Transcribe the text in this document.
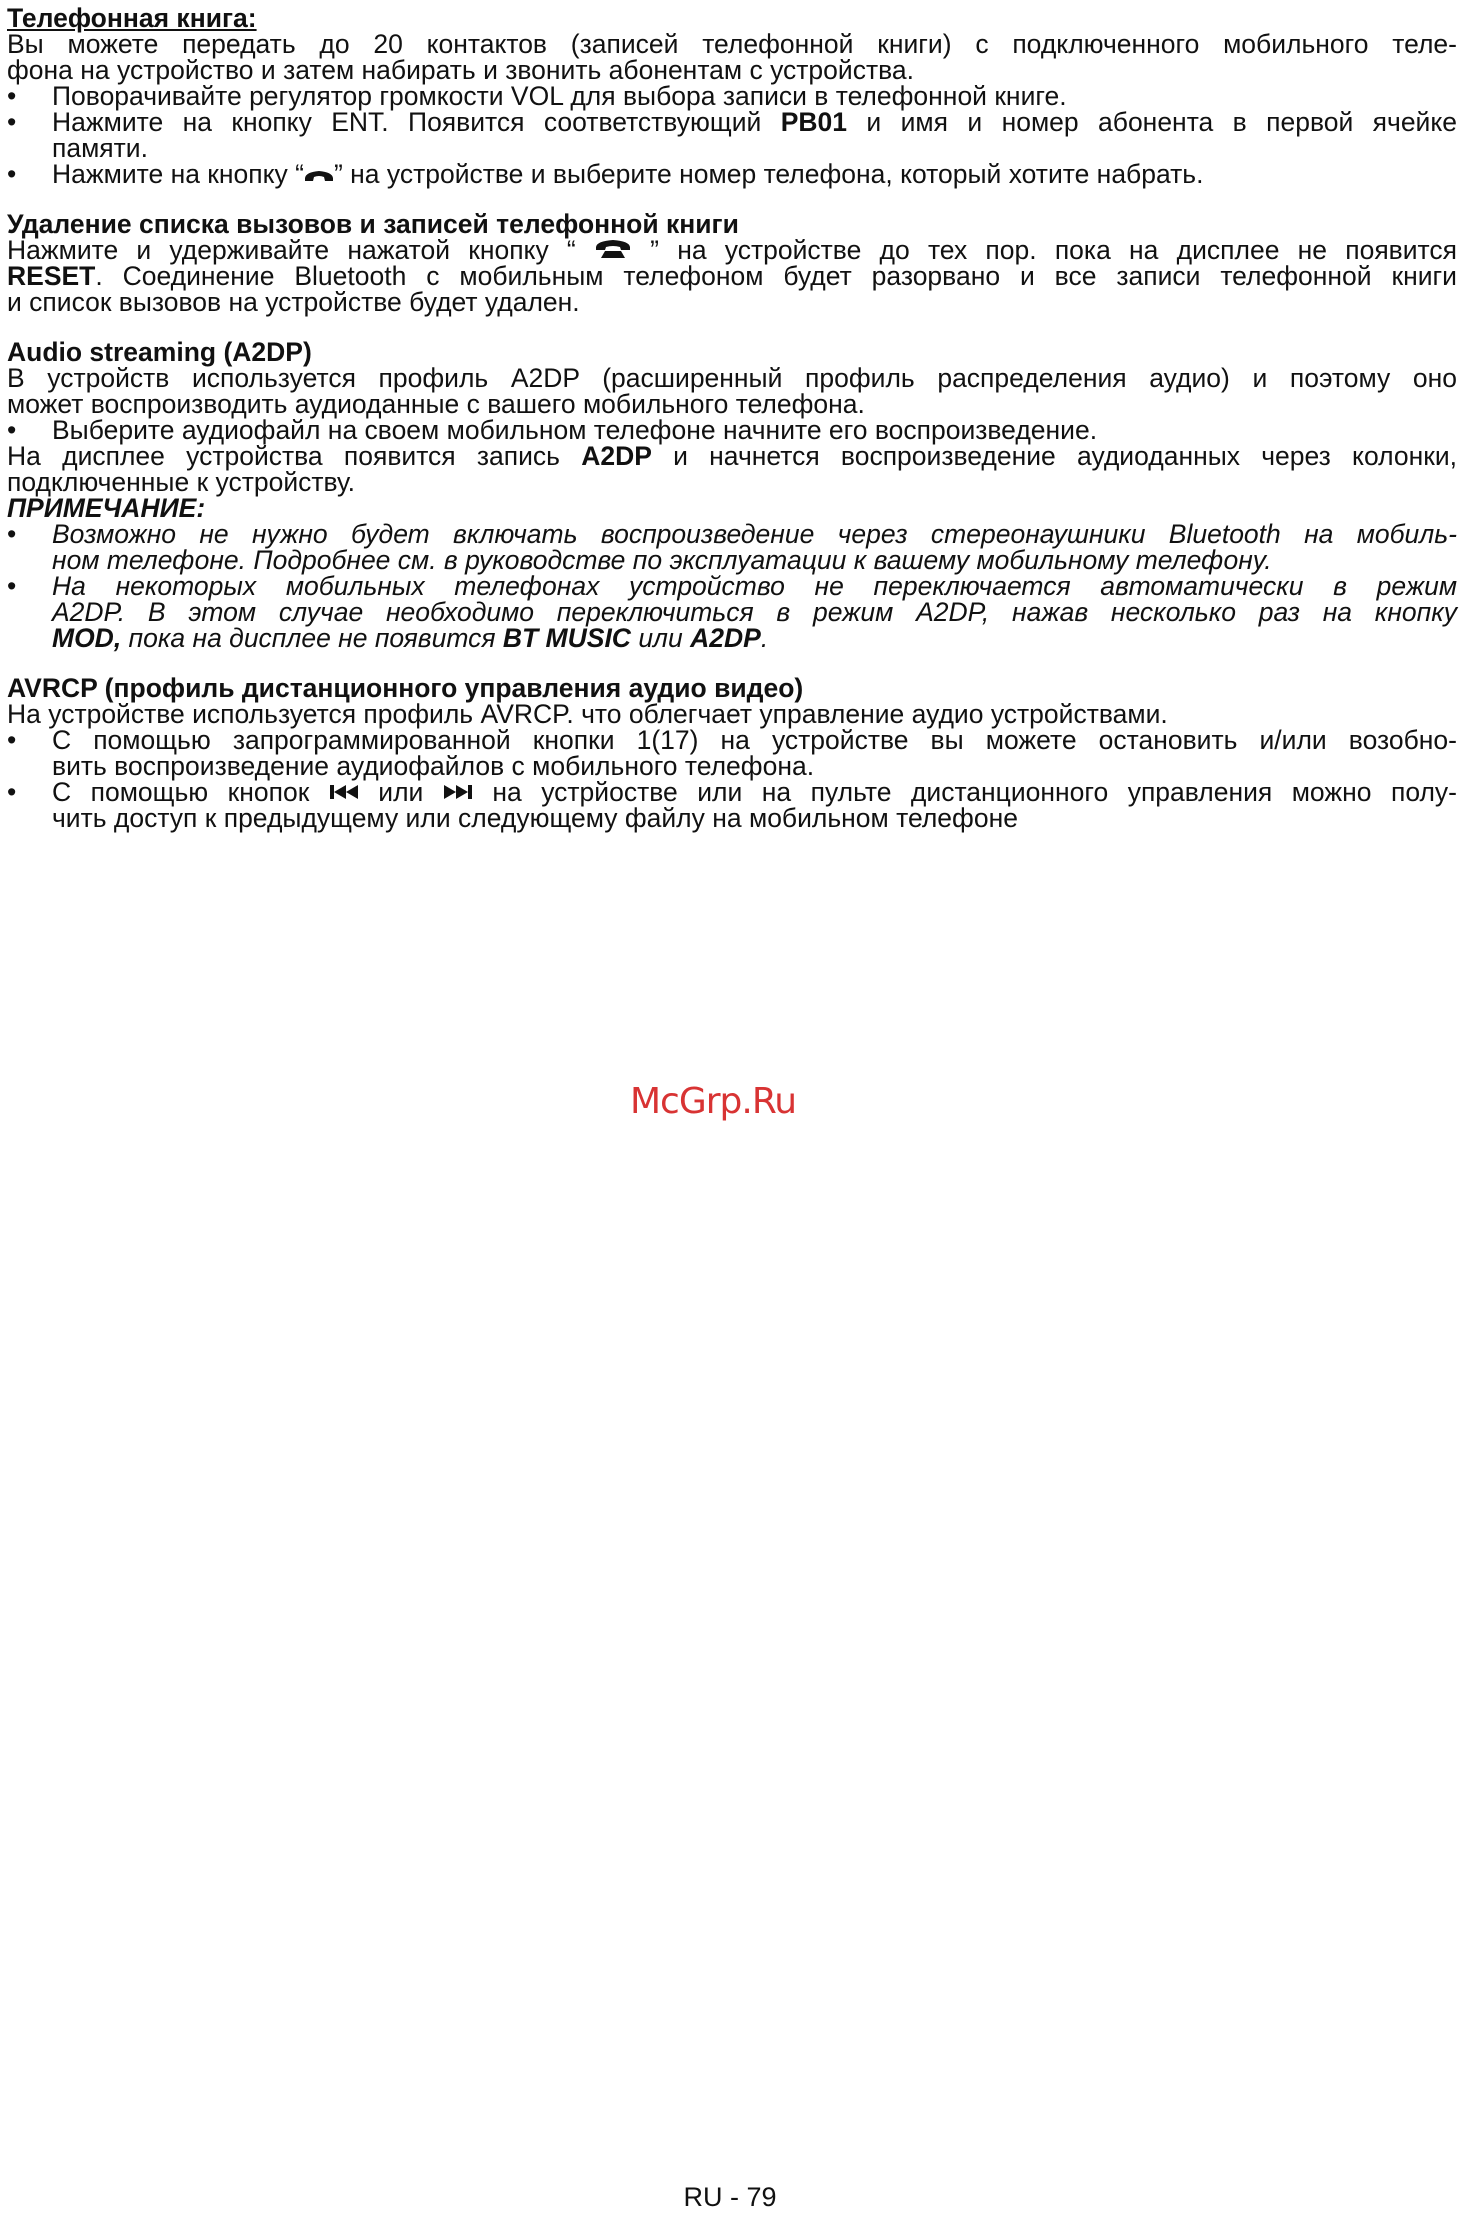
Телефонная книга:
Вы можете передать до 20 контактов (записей телефонной книги) с подключенного мобильного теле-
фона на устройство и затем набирать и звонить абонентам с устройства.
•	Поворачивайте регулятор громкости VOL для выбора записи в телефонной книге.
•	Нажмите на кнопку ENT. Появится соответствующий PB01 и имя и номер абонента в первой ячейке
памяти.
•	Нажмите на кнопку “ ” на устройстве и выберите номер телефона, который хотите набрать.
Удаление списка вызовов и записей телефонной книги
Нажмите и удерживайте нажатой кнопку “  ” на устройстве до тех пор. пока на дисплее не появится
RESET. Соединение Bluetooth с мобильным телефоном будет разорвано и все записи телефонной книги
и список вызовов на устройстве будет удален.
Audio streaming (A2DP)
В устройств используется профиль A2DP (расширенный профиль распределения аудио) и поэтому оно
может воспроизводить аудиоданные с вашего мобильного телефона.
•	Выберите аудиофайл на своем мобильном телефоне начните его воспроизведение.
На дисплее устройства появится запись A2DP и начнется воспроизведение аудиоданных через колонки,
подключенные к устройству.
ПРИМЕЧАНИЕ:
•	Возможно не нужно будет включать воспроизведение через стереонаушники Bluetooth на мобиль-
ном телефоне. Подробнее см. в руководстве по эксплуатации к вашему мобильному телефону.
•	На некоторых мобильных телефонах устройство не переключается автоматически в режим
A2DP. В этом случае необходимо переключиться в режим A2DP, нажав несколько раз на кнопку
MOD, пока на дисплее не появится BT MUSIC или A2DP.
AVRCP (профиль дистанционного управления аудио видео)
На устройстве используется профиль AVRCP. что облегчает управление аудио устройствами.
•	С помощью запрограммированной кнопки 1(17) на устройстве вы можете остановить и/или возобно-
вить воспроизведение аудиофайлов с мобильного телефона.
•	С помощью кнопок  или  на устрйостве или на пульте дистанционного управления можно полу-
чить доступ к предыдущему или следующему файлу на мобильном телефоне
McGrp.Ru
RU - 79
